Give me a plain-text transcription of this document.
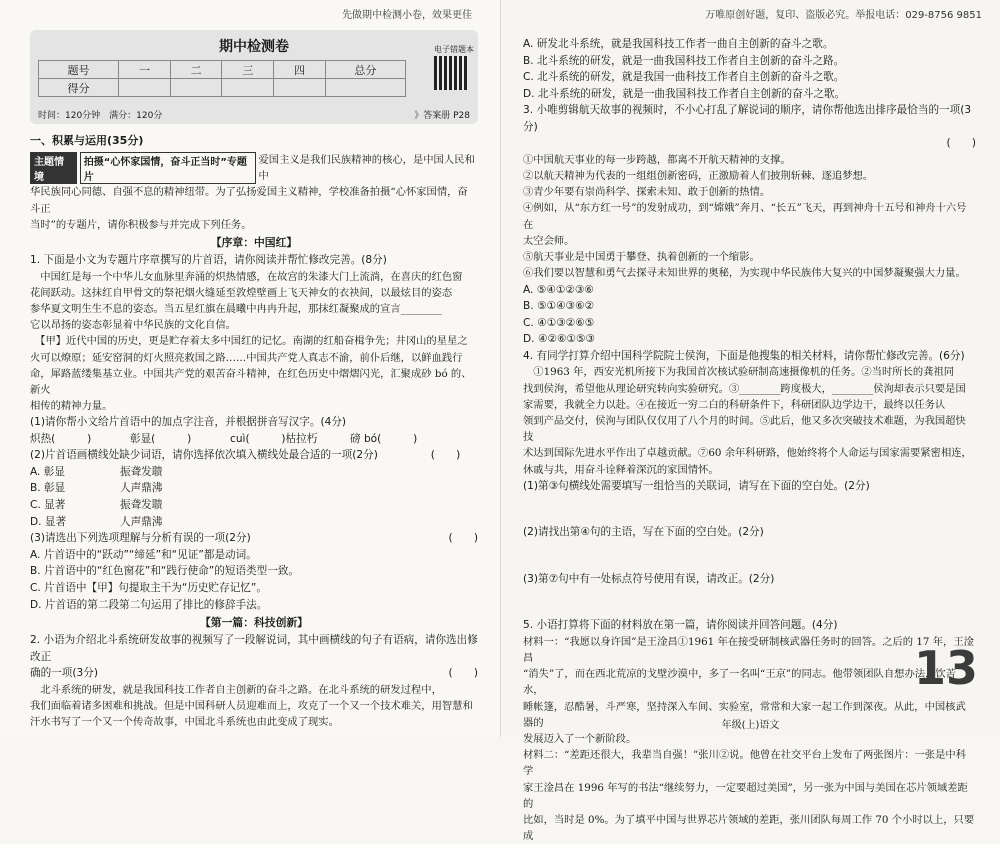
先做期中检测小卷，效果更佳
期中检测卷
题号	一	二	三	四	总分
得分					
电子错题本
时间：120分钟　满分：120分	》答案册 P28
一、积累与运用(35分)
主题情境
拍摄“心怀家国情，奋斗正当时”专题片
爱国主义是我们民族精神的核心，是中国人民和中
华民族同心同德、自强不息的精神纽带。为了弘扬爱国主义精神，学校准备拍摄“心怀家国情，奋斗正
当时”的专题片，请你积极参与并完成下列任务。
【序章：中国红】
1. 下面是小文为专题片序章撰写的片首语，请你阅读并帮忙修改完善。(8分)
　中国红是每一个中华儿女血脉里奔涌的炽热情感，在故宫的朱漆大门上流淌，在喜庆的红色窗
花间跃动。这抹红自甲骨文的祭祀烟火缝延至敦煌壁画上飞天神女的衣袂间，以最炫目的姿态
参华夏文明生生不息的姿态。当五星红旗在晨曦中冉冉升起，那抹红凝聚成的宣言________
它以昂扬的姿态彰显着中华民族的文化自信。
　【甲】近代中国的历史，更是贮存着太多中国红的记忆。南湖的红船奋楫争先；井冈山的星星之
火可以燎原；延安窑洞的灯火照亮救国之路……中国共产党人真志不渝，前仆后继，以鲜血践行
命，犀路蓝缕集基立业。中国共产党的艰苦奋斗精神，在红色历史中熠熠闪光，汇聚成砂 bó 的、新火
相传的精神力量。
(1)请你帮小文给片首语中的加点字注音，并根据拼音写汉字。(4分)
炽热(　　　)	彰显(　　　)	cuì(　　　)枯拉朽	磅 bó(　　　)
(2)片首语画横线处缺少词语，请你选择依次填入横线处最合适的一项(2分)　　　　　(　　)
A. 彰显	振聋发聩
B. 彰显	人声鼎沸
C. 显著	振聋发聩
D. 显著	人声鼎沸
(3)请选出下列选项理解与分析有误的一项(2分)	(　　)
A. 片首语中的“跃动”“缔延”和“见证”都是动词。
B. 片首语中的“红色窗花”和“践行使命”的短语类型一致。
C. 片首语中【甲】句提取主干为“历史贮存记忆”。
D. 片首语的第二段第二句运用了排比的修辞手法。
【第一篇：科技创新】
2. 小语为介绍北斗系统研发故事的视频写了一段解说词，其中画横线的句子有语病，请你选出修改正
确的一项(3分)	(　　)
　北斗系统的研发，就是我国科技工作者自主创新的奋斗之路。在北斗系统的研发过程中，
我们面临着诸多困难和挑战。但是中国科研人员迎难而上，攻克了一个又一个技术难关，用智慧和
汗水书写了一个又一个传奇故事，中国北斗系统也由此变成了现实。
万唯原创好题，复印、盗版必究。举报电话：029-8756 9851
A. 研发北斗系统，就是我国科技工作者一曲自主创新的奋斗之歌。
B. 北斗系统的研发，就是一曲我国科技工作者自主创新的奋斗之路。
C. 北斗系统的研发，就是我国一曲科技工作者自主创新的奋斗之歌。
D. 北斗系统的研发，就是一曲我国科技工作者自主创新的奋斗之歌。
3. 小唯剪辑航天故事的视频时，不小心打乱了解说词的顺序，请你帮他选出排序最恰当的一项(3分)
(　　)
①中国航天事业的每一步跨越，都离不开航天精神的支撑。
②以航天精神为代表的一组组创新密码，正激励着人们披荆斩棘、逐追梦想。
③青少年要有崇尚科学、探索未知、敢于创新的热情。
④例如，从“东方红一号”的发射成功，到“嫦娥”奔月、“长五”飞天，再到神舟十五号和神舟十六号在
太空会师。
⑤航天事业是中国勇于攀登、执着创新的一个缩影。
⑥我们要以智慧和勇气去探寻未知世界的奥秘，为实现中华民族伟大复兴的中国梦凝聚强大力量。
A. ⑤④①②③⑥
B. ⑤①④③⑥②
C. ④①③②⑥⑤
D. ④②⑥①⑤③
4. 有同学打算介绍中国科学院院士侯洵，下面是他搜集的相关材料，请你帮忙修改完善。(6分)
　①1963 年，西安光机所接下为我国首次核试验研制高速摄像机的任务。②当时所长的龚祖同
找到侯洵，希望他从理论研究转向实验研究。③________跨度极大，________侯洵却表示只要是国
家需要，我就全力以赴。④在接近一穷二白的科研条件下，科研团队边学边干，最终以任务认
领到产品交付，侯洵与团队仅仅用了八个月的时间。⑤此后，他又多次突破技术难题，为我国超快技
术达到国际先进水平作出了卓越贡献。⑦60 余年科研路，他始终将个人命运与国家需要紧密相连，
休戚与共，用奋斗诠释着深沉的家国情怀。
(1)第③句横线处需要填写一组恰当的关联词，请写在下面的空白处。(2分)
(2)请找出第④句的主语，写在下面的空白处。(2分)
(3)第⑦句中有一处标点符号使用有误，请改正。(2分)
5. 小语打算将下面的材料放在第一篇，请你阅读并回答问题。(4分)
材料一：“我愿以身许国”是王淦昌①1961 年在接受研制核武器任务时的回答。之后的 17 年，王淦昌
“消失”了，而在西北荒凉的戈壁沙漠中，多了一名叫“王京”的同志。他带领团队自想办法，饮苦水，
睡帐篷，忍酷暑，斗严寒，坚持深入车间、实验室，常常和大家一起工作到深夜。从此，中国核武器的
发展迈入了一个新阶段。
材料二：“差距还很大，我辈当自强！”张川②说。他曾在社交平台上发布了两张图片：一张是中科学
家王淦昌在 1996 年写的书法“继续努力，一定要超过美国”，另一张为中国与美国在芯片领域差距的
比如，当时是 0%。为了填平中国与世界芯片领域的差距，张川团队每周工作 70 个小时以上，只要成
13
年级(上)语文
